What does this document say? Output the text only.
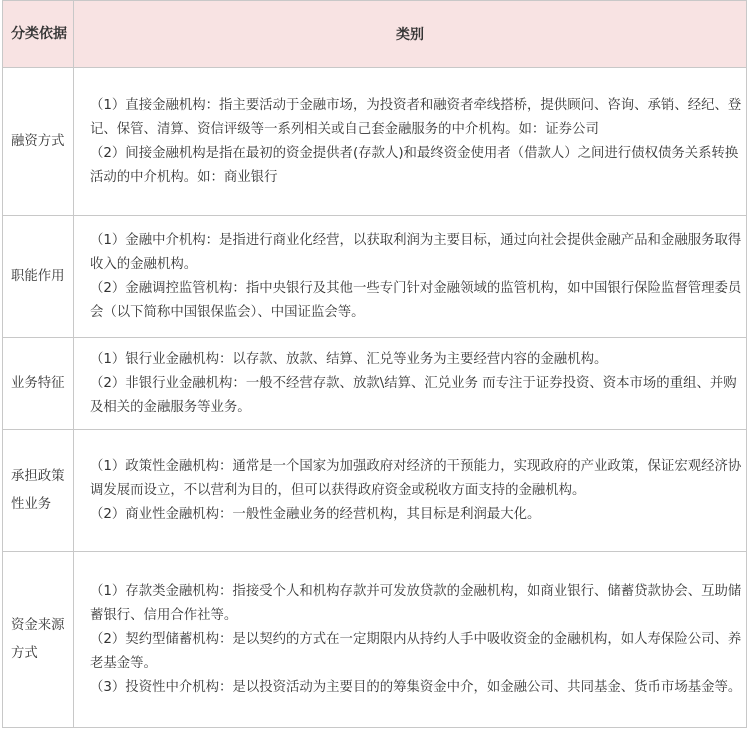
分类依据	类别
融资方式	（1）直接金融机构：指主要活动于金融市场，为投资者和融资者牵线搭桥，提供顾问、咨询、承销、经纪、登记、保管、清算、资信评级等一系列相关或自己套金融服务的中介机构。如：证券公司
（2）间接金融机构是指在最初的资金提供者(存款人)和最终资金使用者（借款人）之间进行债权债务关系转换活动的中介机构。如：商业银行

职能作用	（1）金融中介机构：是指进行商业化经营，以获取利润为主要目标，通过向社会提供金融产品和金融服务取得收入的金融机构。
（2）金融调控监管机构：指中央银行及其他一些专门针对金融领域的监管机构，如中国银行保险监督管理委员会（以下简称中国银保监会）、中国证监会等。

业务特征	（1）银行业金融机构：以存款、放款、结算、汇兑等业务为主要经营内容的金融机构。
（2）非银行业金融机构：一般不经营存款、放款\结算、汇兑业务 而专注于证券投资、资本市场的重组、并购及相关的金融服务等业务。

承担政策性业务	（1）政策性金融机构：通常是一个国家为加强政府对经济的干预能力，实现政府的产业政策，保证宏观经济协调发展而设立，不以营利为目的，但可以获得政府资金或税收方面支持的金融机构。
（2）商业性金融机构：一般性金融业务的经营机构，其目标是利润最大化。

资金来源方式	（1）存款类金融机构：指接受个人和机构存款并可发放贷款的金融机构，如商业银行、储蓄贷款协会、互助储蓄银行、信用合作社等。
（2）契约型储蓄机构：是以契约的方式在一定期限内从持约人手中吸收资金的金融机构，如人寿保险公司、养老基金等。
（3）投资性中介机构：是以投资活动为主要目的的筹集资金中介，如金融公司、共同基金、货币市场基金等。
